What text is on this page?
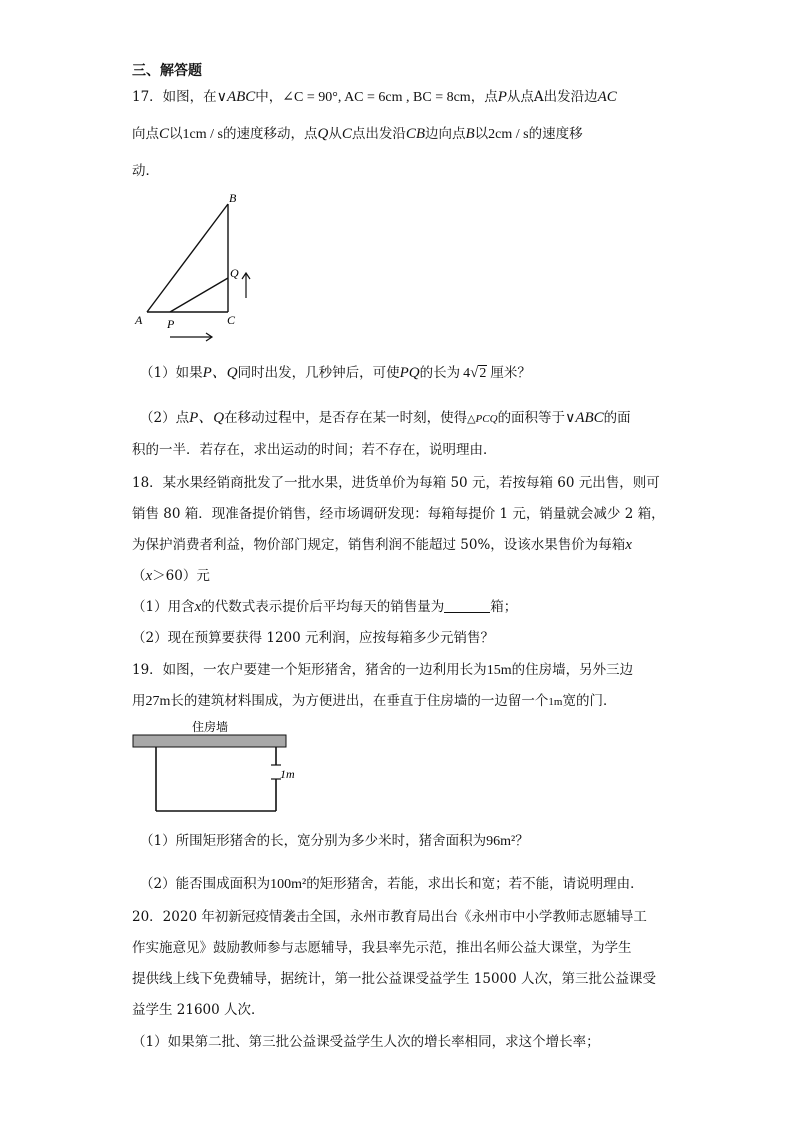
三、解答题
17．如图，在∨ABC中，∠C = 90°, AC = 6cm , BC = 8cm，点P从点A出发沿边AC
向点C以1cm / s的速度移动，点Q从C点出发沿CB边向点B以2cm / s的速度移
动．
B
Q
A P	C
（1）如果P、Q同时出发，几秒钟后，可使PQ的长为 4√2 厘米？
（2）点P、Q在移动过程中，是否存在某一时刻，使得△PCQ的面积等于∨ABC的面
积的一半．若存在，求出运动的时间；若不存在，说明理由．
18．某水果经销商批发了一批水果，进货单价为每箱 50 元，若按每箱 60 元出售，则可
销售 80 箱．现准备提价销售，经市场调研发现：每箱每提价 1 元，销量就会减少 2 箱，
为保护消费者利益，物价部门规定，销售利润不能超过 50%，设该水果售价为每箱x
（x＞60）元
（1）用含x的代数式表示提价后平均每天的销售量为	箱；
（2）现在预算要获得 1200 元利润，应按每箱多少元销售？
19．如图，一农户要建一个矩形猪舍，猪舍的一边利用长为15m的住房墙，另外三边
用27m长的建筑材料围成，为方便进出，在垂直于住房墙的一边留一个1m宽的门．
住房墙
1m
（1）所围矩形猪舍的长，宽分别为多少米时，猪舍面积为96m²？
（2）能否围成面积为100m²的矩形猪舍，若能，求出长和宽；若不能，请说明理由．
20．2020 年初新冠疫情袭击全国，永州市教育局出台《永州市中小学教师志愿辅导工
作实施意见》鼓励教师参与志愿辅导，我县率先示范，推出名师公益大课堂，为学生
提供线上线下免费辅导，据统计，第一批公益课受益学生 15000 人次，第三批公益课受
益学生 21600 人次．
（1）如果第二批、第三批公益课受益学生人次的增长率相同，求这个增长率；
